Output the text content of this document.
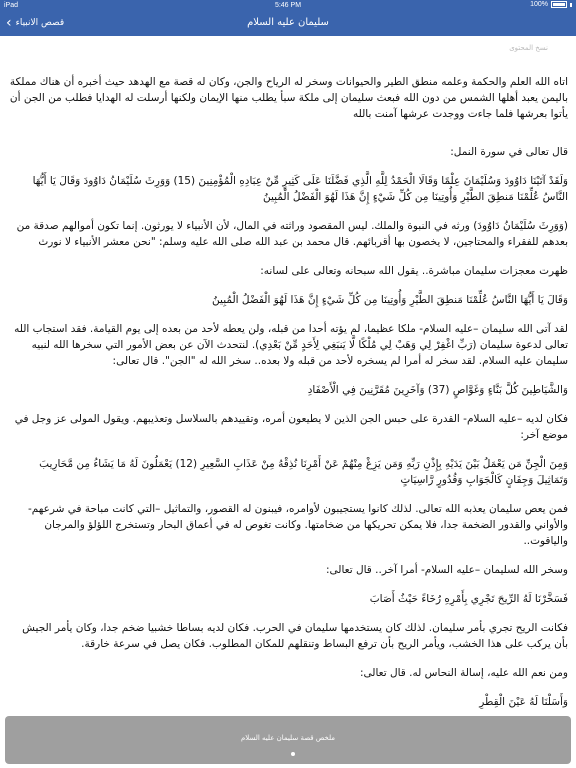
iPad	5:46 PM	100%
‹ قصص الانبياء	سليمان عليه السلام
نسخ المحتوى

اتاه الله العلم والحكمة وعلمه منطق الطير والحيوانات وسخر له الرياح والجن، وكان له قصة مع الهدهد حيث أخبره أن هناك مملكة باليمن يعبد أهلها الشمس من دون الله فبعث سليمان إلى ملكة سبأ يطلب منها الإيمان ولكنها أرسلت له الهدايا فطلب من الجن أن يأتوا بعرشها فلما جاءت ووجدت عرشها آمنت بالله

قال تعالى في سورة النمل:

وَلَقَدْ آتَيْنَا دَاوُودَ وَسُلَيْمَانَ عِلْمًا وَقَالَا الْحَمْدُ لِلَّهِ الَّذِي فَضَّلَنَا عَلَى كَثِيرٍ مِّنْ عِبَادِهِ الْمُؤْمِنِينَ (15) وَوَرِثَ سُلَيْمَانُ دَاوُودَ وَقَالَ يَا أَيُّهَا النَّاسُ عُلِّمْنَا مَنطِقَ الطَّيْرِ وَأُوتِينَا مِن كُلِّ شَيْءٍ إِنَّ هَذَا لَهُوَ الْفَضْلُ الْمُبِينُ

(وَوَرِثَ سُلَيْمَانُ دَاوُودَ) ورثه في النبوة والملك. ليس المقصود وراثته في المال، لأن الأنبياء لا يورثون. إنما تكون أموالهم صدقة من بعدهم للفقراء والمحتاجين، لا يخصون بها أقربائهم. قال محمد بن عبد الله صلى الله عليه وسلم: "نحن معشر الأنبياء لا نورث

ظهرت معجزات سليمان مباشرة.. يقول الله سبحانه وتعالى على لسانه:

وَقَالَ يَا أَيُّهَا النَّاسُ عُلِّمْنَا مَنطِقَ الطَّيْرِ وَأُوتِينَا مِن كُلِّ شَيْءٍ إِنَّ هَذَا لَهُوَ الْفَضْلُ الْمُبِينُ

لقد آتى الله سليمان –عليه السلام- ملكا عظيما، لم يؤته أحدا من قبله، ولن يعطه لأحد من بعده إلى يوم القيامة. فقد استجاب الله تعالى لدعوة سليمان (رَبِّ اغْفِرْ لِي وَهَبْ لِي مُلْكًا لَّا يَنبَغِي لِأَحَدٍ مِّنْ بَعْدِي). لنتحدث الآن عن بعض الأمور التي سخرها الله لنبيه سليمان عليه السلام. لقد سخر له أمرا لم يسخره لأحد من قبله ولا بعده.. سخر الله له "الجن". قال تعالى:

وَالشَّيَاطِينَ كُلَّ بَنَّاءٍ وَغَوَّاصٍ (37) وَآخَرِينَ مُقَرَّنِينَ فِي الْأَصْفَادِ

فكان لديه –عليه السلام- القدرة على حبس الجن الذين لا يطيعون أمره، وتقييدهم بالسلاسل وتعذيبهم. ويقول المولى عز وجل في موضع آخر:

وَمِنَ الْجِنِّ مَن يَعْمَلُ بَيْنَ يَدَيْهِ بِإِذْنِ رَبِّهِ وَمَن يَزِغْ مِنْهُمْ عَنْ أَمْرِنَا نُذِقْهُ مِنْ عَذَابِ السَّعِيرِ (12) يَعْمَلُونَ لَهُ مَا يَشَاءُ مِن مَّحَارِيبَ وَتَمَاثِيلَ وَجِفَانٍ كَالْجَوَابِ وَقُدُورٍ رَّاسِيَاتٍ

فمن يعص سليمان يعذبه الله تعالى. لذلك كانوا يستجيبون لأوامره، فيبنون له القصور، والتماثيل –التي كانت مباحة في شرعهم- والأواني والقدور الضخمة جدا، فلا يمكن تحريكها من ضخامتها. وكانت تغوص له في أعماق البحار وتستخرج اللؤلؤ والمرجان والياقوت..

وسخر الله لسليمان –عليه السلام- أمرا آخر.. قال تعالى:

فَسَخَّرْنَا لَهُ الرِّيحَ تَجْرِي بِأَمْرِهِ رُخَاءً حَيْثُ أَصَابَ

فكانت الريح تجري بأمر سليمان. لذلك كان يستخدمها سليمان في الحرب. فكان لديه بساطا خشبيا ضخم جدا، وكان يأمر الجيش بأن يركب على هذا الخشب، ويأمر الريح بأن ترفع البساط وتنقلهم للمكان المطلوب. فكان يصل في سرعة خارقة.

ومن نعم الله عليه، إسالة النحاس له. قال تعالى:

وَأَسَلْنَا لَهُ عَيْنَ الْقِطْرِ

ملخص قصة سليمان عليه السلام
